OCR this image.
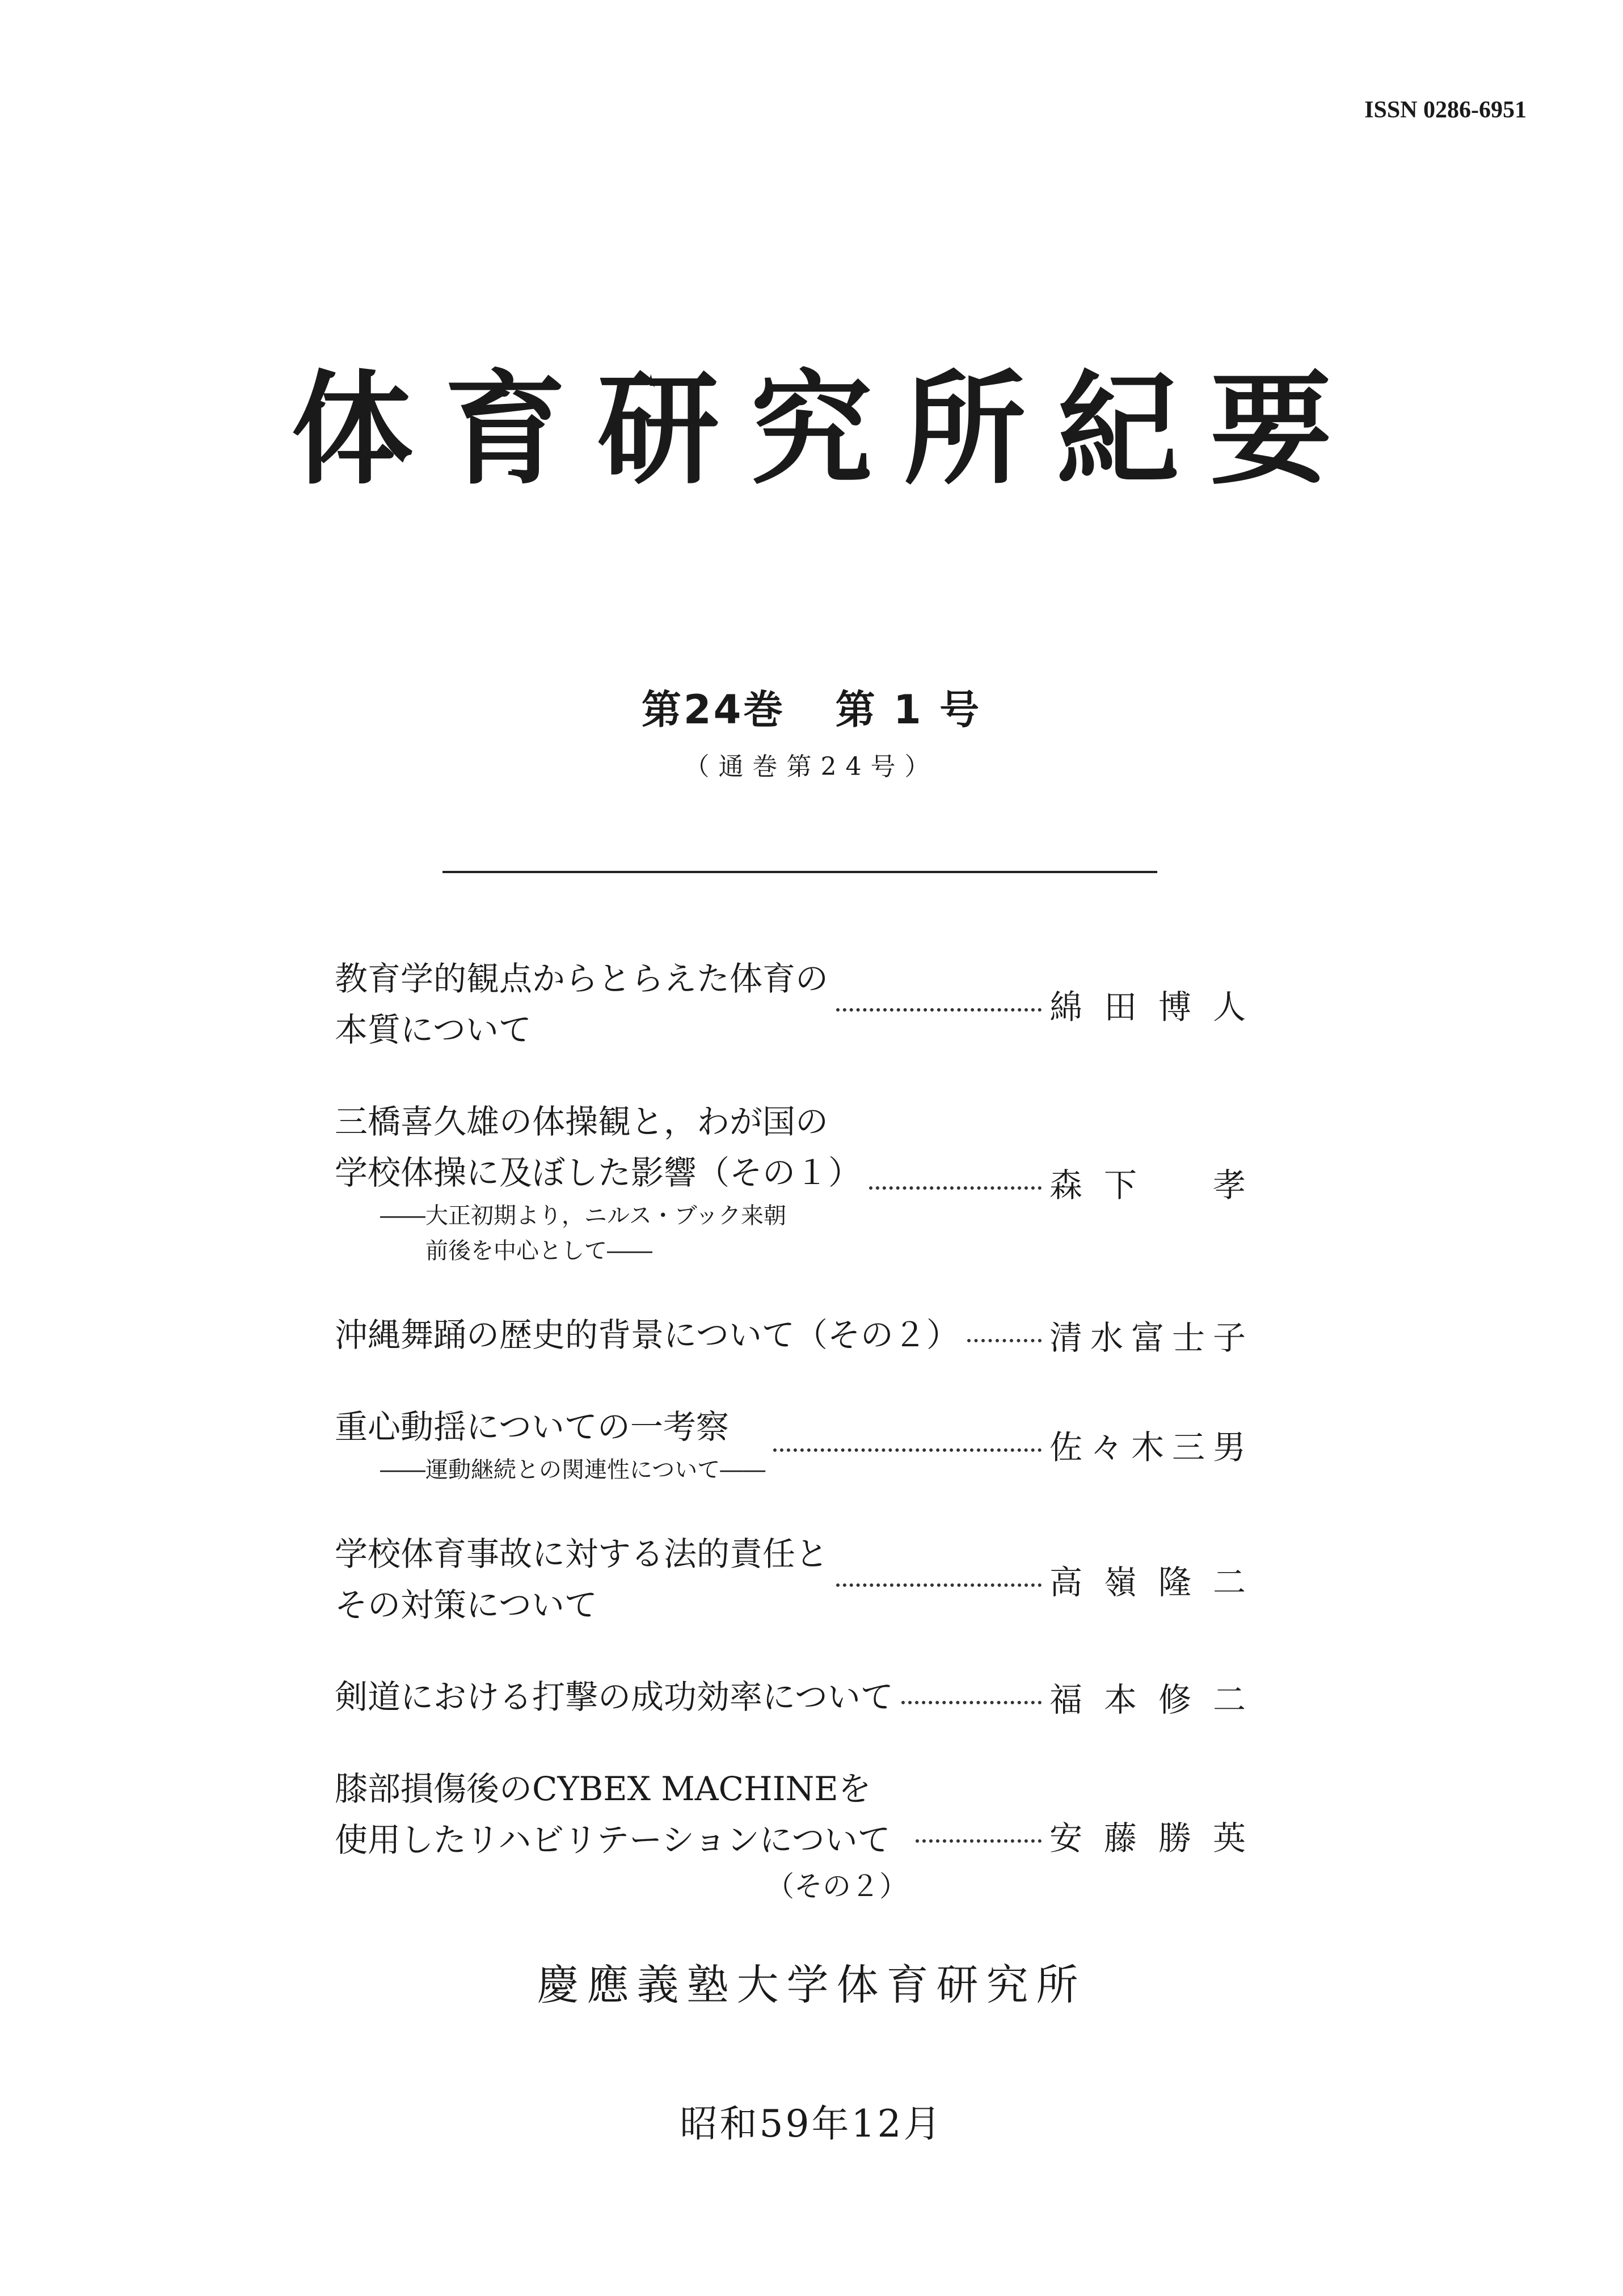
ISSN 0286-6951
体育研究所紀要
第24巻 第 1 号
（通巻第24号）
教育学的観点からとらえた体育の
本質について
綿田博人
三橋喜久雄の体操観と，わが国の
学校体操に及ぼした影響（その１）
――大正初期より，ニルス・ブック来朝
前後を中心として――
森下　孝
沖縄舞踊の歴史的背景について（その２）	清水富士子
重心動揺についての一考察
――運動継続との関連性について――
佐々木三男
学校体育事故に対する法的責任と
その対策について
高嶺隆二
剣道における打撃の成功効率について	福本修二
膝部損傷後のCYBEX MACHINEを
使用したリハビリテーションについて
（その２）
安藤勝英
慶應義塾大学体育研究所
昭和59年12月
